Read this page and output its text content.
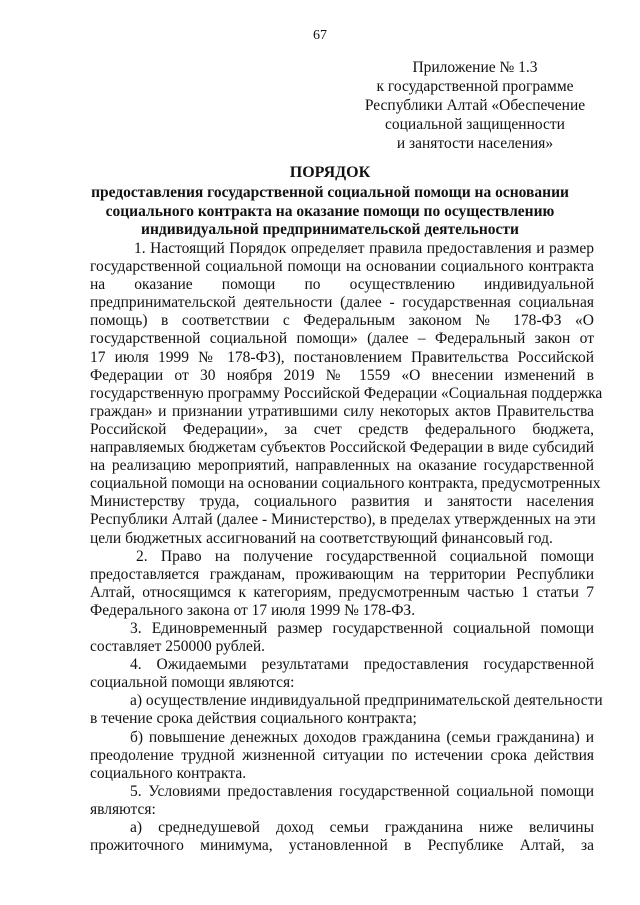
67
Приложение № 1.3
к государственной программе
Республики Алтай «Обеспечение
социальной защищенности
и занятости населения»
ПОРЯДОК
предоставления государственной социальной помощи на основании
социального контракта на оказание помощи по осуществлению
индивидуальной предпринимательской деятельности
1. Настоящий Порядок определяет правила предоставления и размер
государственной социальной помощи на основании социального контракта
на оказание помощи по осуществлению индивидуальной
предпринимательской деятельности (далее - государственная социальная
помощь) в соответствии с Федеральным законом № 178-ФЗ «О
государственной социальной помощи» (далее – Федеральный закон от
17 июля 1999 № 178-ФЗ), постановлением Правительства Российской
Федерации от 30 ноября 2019 № 1559 «О внесении изменений в
государственную программу Российской Федерации «Социальная поддержка
граждан» и признании утратившими силу некоторых актов Правительства
Российской Федерации», за счет средств федерального бюджета,
направляемых бюджетам субъектов Российской Федерации в виде субсидий
на реализацию мероприятий, направленных на оказание государственной
социальной помощи на основании социального контракта, предусмотренных
Министерству труда, социального развития и занятости населения
Республики Алтай (далее - Министерство), в пределах утвержденных на эти
цели бюджетных ассигнований на соответствующий финансовый год.
2. Право на получение государственной социальной помощи
предоставляется гражданам, проживающим на территории Республики
Алтай, относящимся к категориям, предусмотренным частью 1 статьи 7
Федерального закона от 17 июля 1999 № 178-ФЗ.
3. Единовременный размер государственной социальной помощи
составляет 250000 рублей.
4. Ожидаемыми результатами предоставления государственной
социальной помощи являются:
а) осуществление индивидуальной предпринимательской деятельности
в течение срока действия социального контракта;
б) повышение денежных доходов гражданина (семьи гражданина) и
преодоление трудной жизненной ситуации по истечении срока действия
социального контракта.
5. Условиями предоставления государственной социальной помощи
являются:
а) среднедушевой доход семьи гражданина ниже величины
прожиточного минимума, установленной в Республике Алтай, за
